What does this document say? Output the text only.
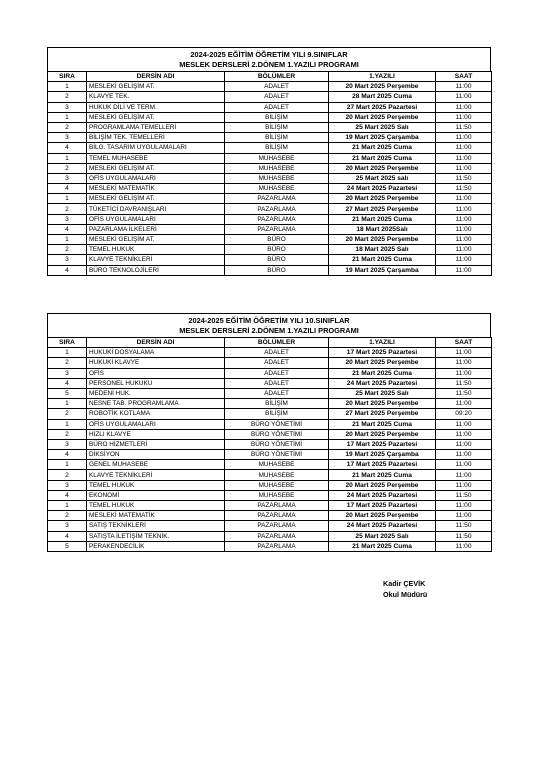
2024-2025 EĞİTİM ÖĞRETİM YILI 9.SINIFLAR
MESLEK DERSLERİ 2.DÖNEM 1.YAZILI PROGRAMI
SIRA	DERSİN ADI	BÖLÜMLER	1.YAZILI	SAAT
1	MESLEKİ GELİŞİM AT.	ADALET	20 Mart 2025 Perşembe	11:00
2	KLAVYE TEK.	ADALET	28 Mart 2025 Cuma	11:00
3	HUKUK DİLİ VE TERM.	ADALET	27 Mart 2025 Pazartesi	11:00
1	MESLEKİ GELİŞİM AT.	BİLİŞİM	20 Mart 2025 Perşembe	11:00
2	PROGRAMLAMA TEMELLERİ	BİLİŞİM	25 Mart 2025 Salı	11:50
3	BİLİŞİM TEK. TEMELLERİ	BİLİŞİM	19 Mart 2025 Çarşamba	11:00
4	BİLG. TASARIM UYGULAMALARI	BİLİŞİM	21 Mart 2025 Cuma	11:00
1	TEMEL MUHASEBE	MUHASEBE	21 Mart 2025 Cuma	11:00
2	MESLEKİ GELİŞİM AT.	MUHASEBE	20 Mart 2025 Perşembe	11:00
3	OFİS UYGULAMALARI	MUHASEBE	25 Mart 2025 salı	11:50
4	MESLEKİ MATEMATİK	MUHASEBE	24 Mart 2025 Pazartesi	11:50
1	MESLEKİ GELİŞİM AT.	PAZARLAMA	20 Mart 2025 Perşembe	11:00
2	TÜKETİCİ DAVRANIŞLARI	PAZARLAMA	27 Mart 2025 Perşembe	11:00
3	OFİS UYGULAMALARI	PAZARLAMA	21 Mart 2025 Cuma	11:00
4	PAZARLAMA İLKELERİ	PAZARLAMA	18 Mart 2025Salı	11:00
1	MESLEKİ GELİŞİM AT.	BÜRO	20 Mart 2025 Perşembe	11:00
2	TEMEL HUKUK	BÜRO	18 Mart 2025 Salı	11:00
3	KLAVYE TEKNİKLERİ	BÜRO	21 Mart 2025 Cuma	11:00
4	BÜRO TEKNOLOJİLERİ	BÜRO	19 Mart 2025 Çarşamba	11:00
2024-2025 EĞİTİM ÖĞRETİM YILI 10.SINIFLAR
MESLEK DERSLERİ 2.DÖNEM 1.YAZILI PROGRAMI
SIRA	DERSİN ADI	BÖLÜMLER	1.YAZILI	SAAT
1	HUKUKİ DOSYALAMA	ADALET	17 Mart 2025 Pazartesi	11:00
2	HUKUKİ KLAVYE	ADALET	20 Mart 2025 Perşembe	11:00
3	OFİS	ADALET	21 Mart 2025 Cuma	11:00
4	PERSONEL HUKUKU	ADALET	24 Mart 2025 Pazartesi	11:50
5	MEDENİ HUK.	ADALET	25 Mart 2025 Salı	11:50
1	NESNE TAB. PROGRAMLAMA	BİLİŞİM	20 Mart 2025 Perşembe	11:00
2	ROBOTİK KOTLAMA	BİLİŞİM	27 Mart 2025 Perşembe	09:20
1	OFİS UYGULAMALARI	BÜRO YÖNETİMİ	21 Mart 2025 Cuma	11:00
2	HIZLI KLAVYE	BÜRO YÖNETİMİ	20 Mart 2025 Perşembe	11:00
3	BÜRO HİZMETLERİ	BÜRO YÖNETİMİ	17 Mart 2025 Pazartesi	11:00
4	DİKSİYON	BÜRO YÖNETİMİ	19 Mart 2025 Çarşamba	11:00
1	GENEL MUHASEBE	MUHASEBE	17 Mart 2025 Pazartesi	11:00
2	KLAVYE TEKNİKLERİ	MUHASEBE	21 Mart 2025 Cuma	11:00
3	TEMEL HUKUK	MUHASEBE	20 Mart 2025 Perşembe	11:00
4	EKONOMİ	MUHASEBE	24 Mart 2025 Pazartesi	11:50
1	TEMEL HUKUK	PAZARLAMA	17 Mart 2025 Pazartesi	11:00
2	MESLEKİ MATEMATİK	PAZARLAMA	20 Mart 2025 Perşembe	11:00
3	SATIŞ TEKNİKLERİ	PAZARLAMA	24 Mart 2025 Pazartesi	11:50
4	SATIŞTA İLETİŞİM TEKNİK.	PAZARLAMA	25 Mart 2025 Salı	11:50
5	PERAKENDECİLİK	PAZARLAMA	21 Mart 2025 Cuma	11:00
Kadir ÇEVİK
Okul Müdürü
